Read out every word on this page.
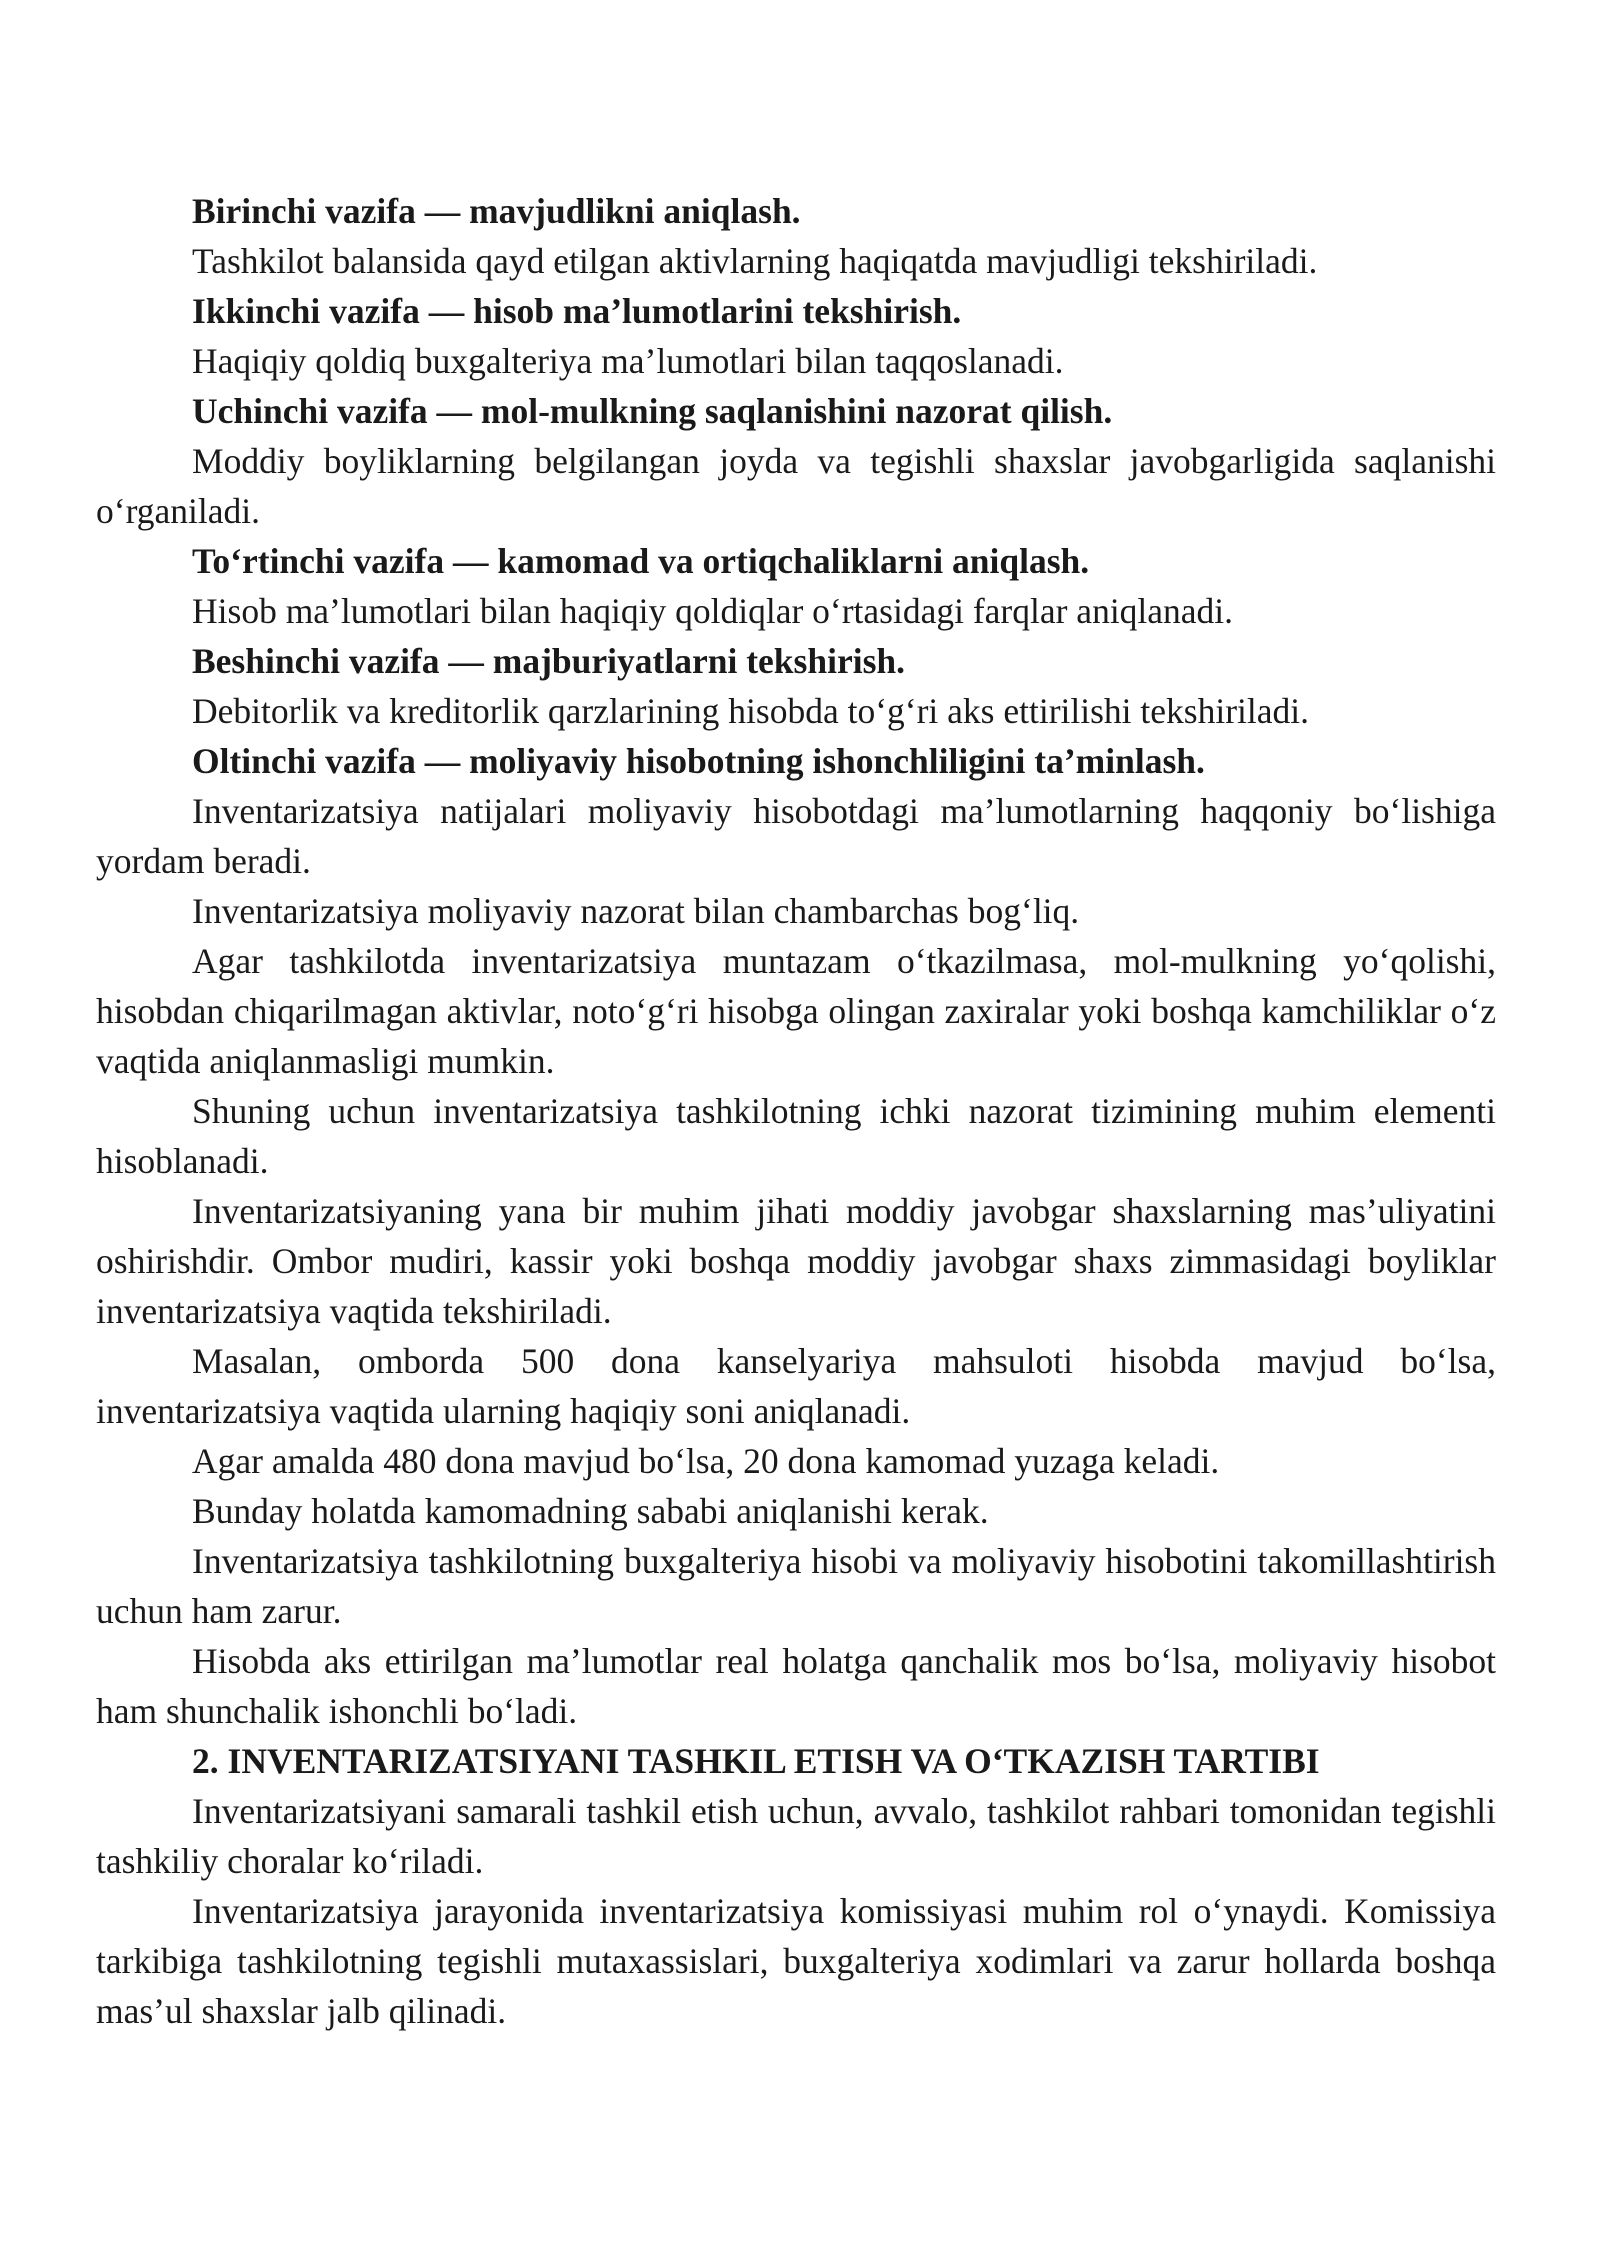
Birinchi vazifa — mavjudlikni aniqlash.

Tashkilot balansida qayd etilgan aktivlarning haqiqatda mavjudligi tekshiriladi.

Ikkinchi vazifa — hisob ma’lumotlarini tekshirish.

Haqiqiy qoldiq buxgalteriya ma’lumotlari bilan taqqoslanadi.

Uchinchi vazifa — mol-mulkning saqlanishini nazorat qilish.

Moddiy boyliklarning belgilangan joyda va tegishli shaxslar javobgarligida saqlanishi o‘rganiladi.

To‘rtinchi vazifa — kamomad va ortiqchaliklarni aniqlash.

Hisob ma’lumotlari bilan haqiqiy qoldiqlar o‘rtasidagi farqlar aniqlanadi.

Beshinchi vazifa — majburiyatlarni tekshirish.

Debitorlik va kreditorlik qarzlarining hisobda to‘g‘ri aks ettirilishi tekshiriladi.

Oltinchi vazifa — moliyaviy hisobotning ishonchliligini ta’minlash.

Inventarizatsiya natijalari moliyaviy hisobotdagi ma’lumotlarning haqqoniy bo‘lishiga yordam beradi.

Inventarizatsiya moliyaviy nazorat bilan chambarchas bog‘liq.

Agar tashkilotda inventarizatsiya muntazam o‘tkazilmasa, mol-mulkning yo‘qolishi, hisobdan chiqarilmagan aktivlar, noto‘g‘ri hisobga olingan zaxiralar yoki boshqa kamchiliklar o‘z vaqtida aniqlanmasligi mumkin.

Shuning uchun inventarizatsiya tashkilotning ichki nazorat tizimining muhim elementi hisoblanadi.

Inventarizatsiyaning yana bir muhim jihati moddiy javobgar shaxslarning mas’uliyatini oshirishdir. Ombor mudiri, kassir yoki boshqa moddiy javobgar shaxs zimmasidagi boyliklar inventarizatsiya vaqtida tekshiriladi.

Masalan, omborda 500 dona kanselyariya mahsuloti hisobda mavjud bo‘lsa, inventarizatsiya vaqtida ularning haqiqiy soni aniqlanadi.

Agar amalda 480 dona mavjud bo‘lsa, 20 dona kamomad yuzaga keladi.

Bunday holatda kamomadning sababi aniqlanishi kerak.

Inventarizatsiya tashkilotning buxgalteriya hisobi va moliyaviy hisobotini takomillashtirish uchun ham zarur.

Hisobda aks ettirilgan ma’lumotlar real holatga qanchalik mos bo‘lsa, moliyaviy hisobot ham shunchalik ishonchli bo‘ladi.

2. INVENTARIZATSIYANI TASHKIL ETISH VA O‘TKAZISH TARTIBI

Inventarizatsiyani samarali tashkil etish uchun, avvalo, tashkilot rahbari tomonidan tegishli tashkiliy choralar ko‘riladi.

Inventarizatsiya jarayonida inventarizatsiya komissiyasi muhim rol o‘ynaydi. Komissiya tarkibiga tashkilotning tegishli mutaxassislari, buxgalteriya xodimlari va zarur hollarda boshqa mas’ul shaxslar jalb qilinadi.
